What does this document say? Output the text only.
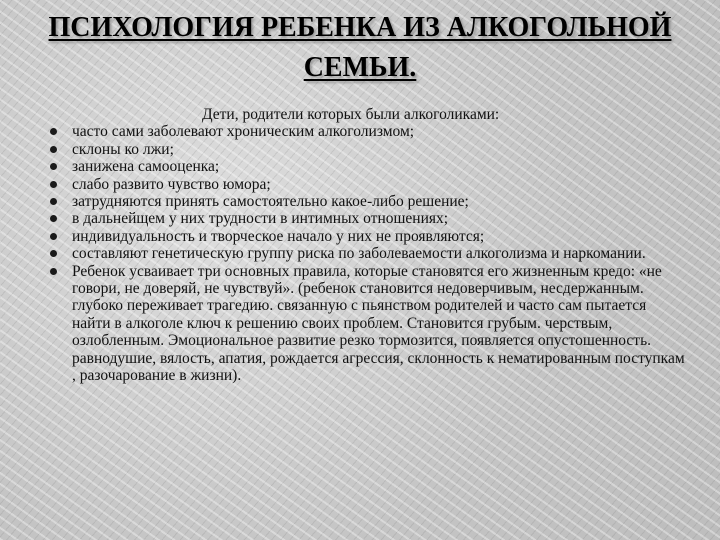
ПСИХОЛОГИЯ РЕБЕНКА ИЗ АЛКОГОЛЬНОЙ СЕМЬИ.

Дети, родители которых были алкоголиками:

часто сами заболевают хроническим алкоголизмом;
склоны ко лжи;
занижена самооценка;
слабо развито чувство юмора;
затрудняются принять самостоятельно какое-либо решение;
в дальнейщем у них трудности в интимных отношениях;
индивидуальность и творческое начало у них не проявляются;
составляют генетическую группу риска по заболеваемости алкоголизма и наркомании.
Ребенок усваивает три основных правила, которые становятся его жизненным кредо: «не говори, не доверяй, не чувствуй». (ребенок становится недоверчивым, несдержанным. глубоко переживает трагедию. связанную с пьянством родителей и часто сам пытается найти в алкоголе ключ к решению своих проблем. Становится грубым. черствым, озлобленным. Эмоциональное развитие резко тормозится, появляется опустошенность. равнодушие, вялость, апатия, рождается агрессия, склонность к нематированным поступкам , разочарование в жизни).
